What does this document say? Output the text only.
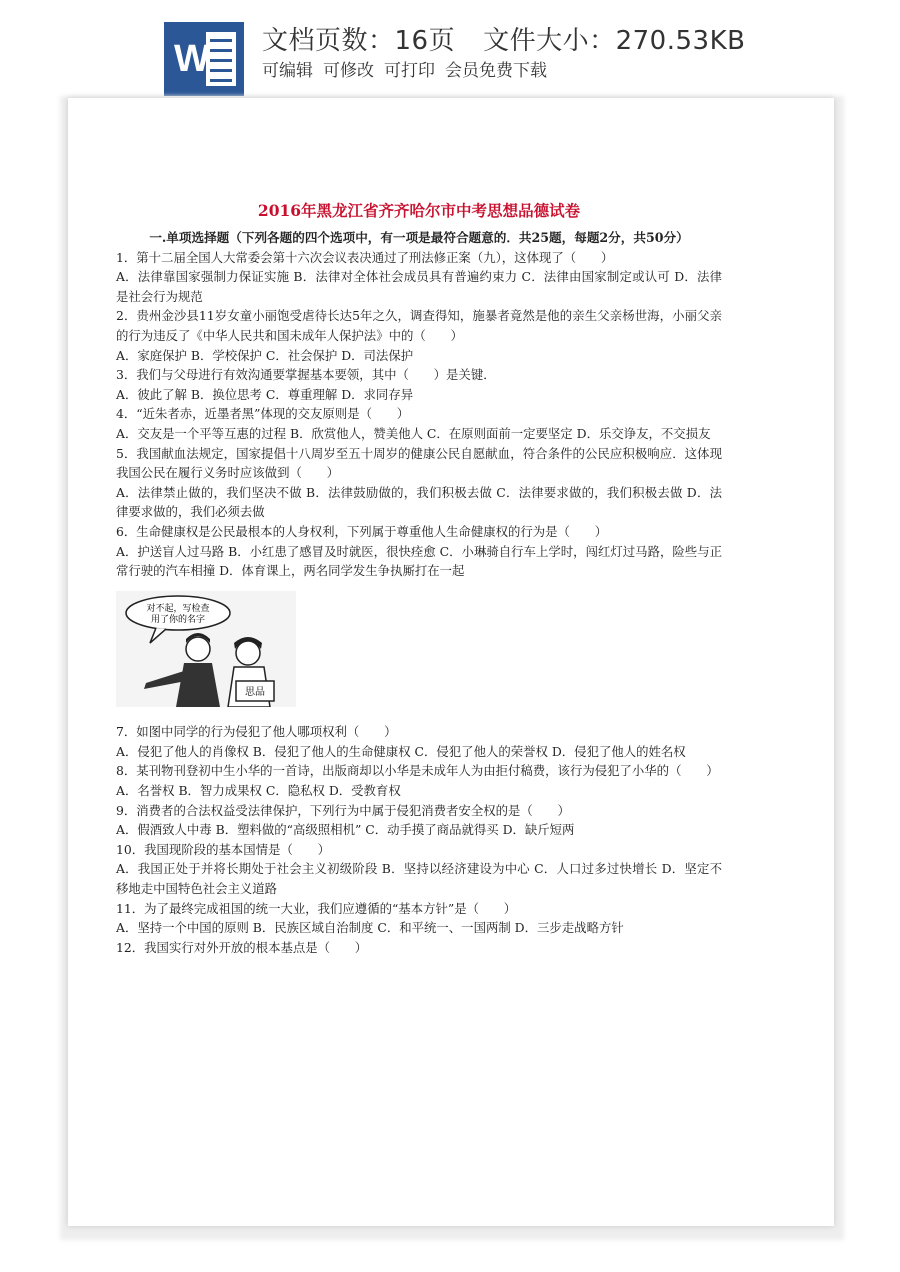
W 文档页数：16页 文件大小：270.53KB
可编辑 可修改 可打印 会员免费下载
2016年黑龙江省齐齐哈尔市中考思想品德试卷
一.单项选择题（下列各题的四个选项中，有一项是最符合题意的．共25题，每题2分，共50分）

1．第十二届全国人大常委会第十六次会议表决通过了刑法修正案（九），这体现了（　　）

A．法律靠国家强制力保证实施 B．法律对全体社会成员具有普遍约束力 C．法律由国家制定或认可 D．法律是社会行为规范

2．贵州金沙县11岁女童小丽饱受虐待长达5年之久，调查得知，施暴者竟然是他的亲生父亲杨世海，小丽父亲的行为违反了《中华人民共和国未成年人保护法》中的（　　）

A．家庭保护 B．学校保护 C．社会保护 D．司法保护

3．我们与父母进行有效沟通要掌握基本要领，其中（　　）是关键．

A．彼此了解 B．换位思考 C．尊重理解 D．求同存异

4．“近朱者赤，近墨者黑”体现的交友原则是（　　）

A．交友是一个平等互惠的过程 B．欣赏他人，赞美他人 C．在原则面前一定要坚定 D．乐交诤友，不交损友

5．我国献血法规定，国家提倡十八周岁至五十周岁的健康公民自愿献血，符合条件的公民应积极响应．这体现我国公民在履行义务时应该做到（　　）

A．法律禁止做的，我们坚决不做 B．法律鼓励做的，我们积极去做 C．法律要求做的，我们积极去做 D．法律要求做的，我们必须去做

6．生命健康权是公民最根本的人身权利，下列属于尊重他人生命健康权的行为是（　　）

A．护送盲人过马路 B．小红患了感冒及时就医，很快痊愈 C．小琳骑自行车上学时，闯红灯过马路，险些与正常行驶的汽车相撞 D．体育课上，两名同学发生争执厮打在一起

对不起，写检查
用了你的名字
思品

7．如图中同学的行为侵犯了他人哪项权利（　　）

A．侵犯了他人的肖像权 B．侵犯了他人的生命健康权 C．侵犯了他人的荣誉权 D．侵犯了他人的姓名权

8．某刊物刊登初中生小华的一首诗，出版商却以小华是未成年人为由拒付稿费，该行为侵犯了小华的（　　）

A．名誉权 B．智力成果权 C．隐私权 D．受教育权

9．消费者的合法权益受法律保护，下列行为中属于侵犯消费者安全权的是（　　）

A．假酒致人中毒 B．塑料做的“高级照相机” C．动手摸了商品就得买 D．缺斤短两

10．我国现阶段的基本国情是（　　）

A．我国正处于并将长期处于社会主义初级阶段 B．坚持以经济建设为中心 C．人口过多过快增长 D．坚定不移地走中国特色社会主义道路

11．为了最终完成祖国的统一大业，我们应遵循的“基本方针”是（　　）

A．坚持一个中国的原则 B．民族区域自治制度 C．和平统一、一国两制 D．三步走战略方针

12．我国实行对外开放的根本基点是（　　）
